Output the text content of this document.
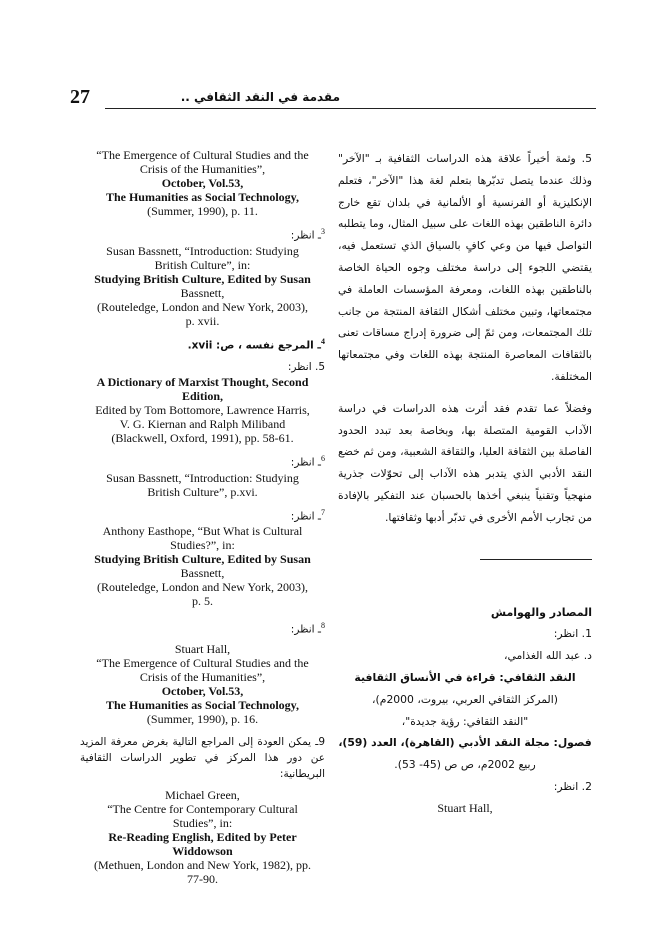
27	مقدمة في النقد الثقافي ..

5. وثمة أخيراً علاقة هذه الدراسات الثقافية بـ "الآخر" وذلك عندما يتصل تدبّرها بتعلم لغة هذا "الآخر"، فتعلم الإنكليزية أو الفرنسية أو الألمانية في بلدان تقع خارج دائرة الناطقين بهذه اللغات على سبيل المثال، وما يتطلبه التواصل فيها من وعي كافٍ بالسياق الذي تستعمل فيه، يقتضي اللجوء إلى دراسة مختلف وجوه الحياة الخاصة بالناطقين بهذه اللغات، ومعرفة المؤسسات العاملة في مجتمعاتها، وتبين مختلف أشكال الثقافة المنتجة من جانب تلك المجتمعات، ومن ثمّ إلى ضرورة إدراج مساقات تعنى بالثقافات المعاصرة المنتجة بهذه اللغات وفي مجتمعاتها المختلفة.

وفضلاً عما تقدم فقد أثرت هذه الدراسات في دراسة الآداب القومية المتصلة بها، وبخاصة بعد تبدد الحدود الفاصلة بين الثقافة العليا، والثقافة الشعبية، ومن ثم خضع النقد الأدبي الذي يتدبر هذه الآداب إلى تحوّلات جذرية منهجياً وتقنياً ينبغي أخذها بالحسبان عند التفكير بالإفادة من تجارب الأمم الأخرى في تدبّر أدبها وثقافتها.

المصادر والهوامش

1. انظر:

د. عبد الله الغذامي،

النقد الثقافي: قراءة في الأنساق الثقافية

(المركز الثقافي العربي، بيروت، 2000م)،

"النقد الثقافي: رؤية جديدة"،

فصول: مجلة النقد الأدبي (القاهرة)، العدد (59)،

ربيع 2002م، ص ص (45- 53).

2. انظر:

Stuart Hall,
“The Emergence of Cultural Studies and the
Crisis of the Humanities”,
October, Vol.53,
The Humanities as Social Technology,
(Summer, 1990), p. 11.
$^3$ـ انظر:
Susan Bassnett, “Introduction: Studying
British Culture”, in:
Studying British Culture, Edited by Susan
Bassnett,
(Routeledge, London and New York, 2003),
p. xvii.
$^4$ـ المرجع نفسه ، ص: xvii.
5. انظر:
A Dictionary of Marxist Thought, Second
Edition,
Edited by Tom Bottomore, Lawrence Harris,
V. G. Kiernan and Ralph Miliband
(Blackwell, Oxford, 1991), pp. 58-61.
$^6$ـ انظر:
Susan Bassnett, “Introduction: Studying
British Culture”, p.xvi.
$^7$ـ انظر:
Anthony Easthope, “But What is Cultural
Studies?”, in:
Studying British Culture, Edited by Susan
Bassnett,
(Routeledge, London and New York, 2003),
p. 5.
$^8$ـ انظر:
Stuart Hall,
“The Emergence of Cultural Studies and the
Crisis of the Humanities”,
October, Vol.53,
The Humanities as Social Technology,
(Summer, 1990), p. 16.
9ـ يمكن العودة إلى المراجع التالية بغرض معرفة المزيد عن دور هذا المركز في تطوير الدراسات الثقافية البريطانية:
Michael Green,
“The Centre for Contemporary Cultural
Studies”, in:
Re-Reading English, Edited by Peter
Widdowson
(Methuen, London and New York, 1982), pp.
77-90.
